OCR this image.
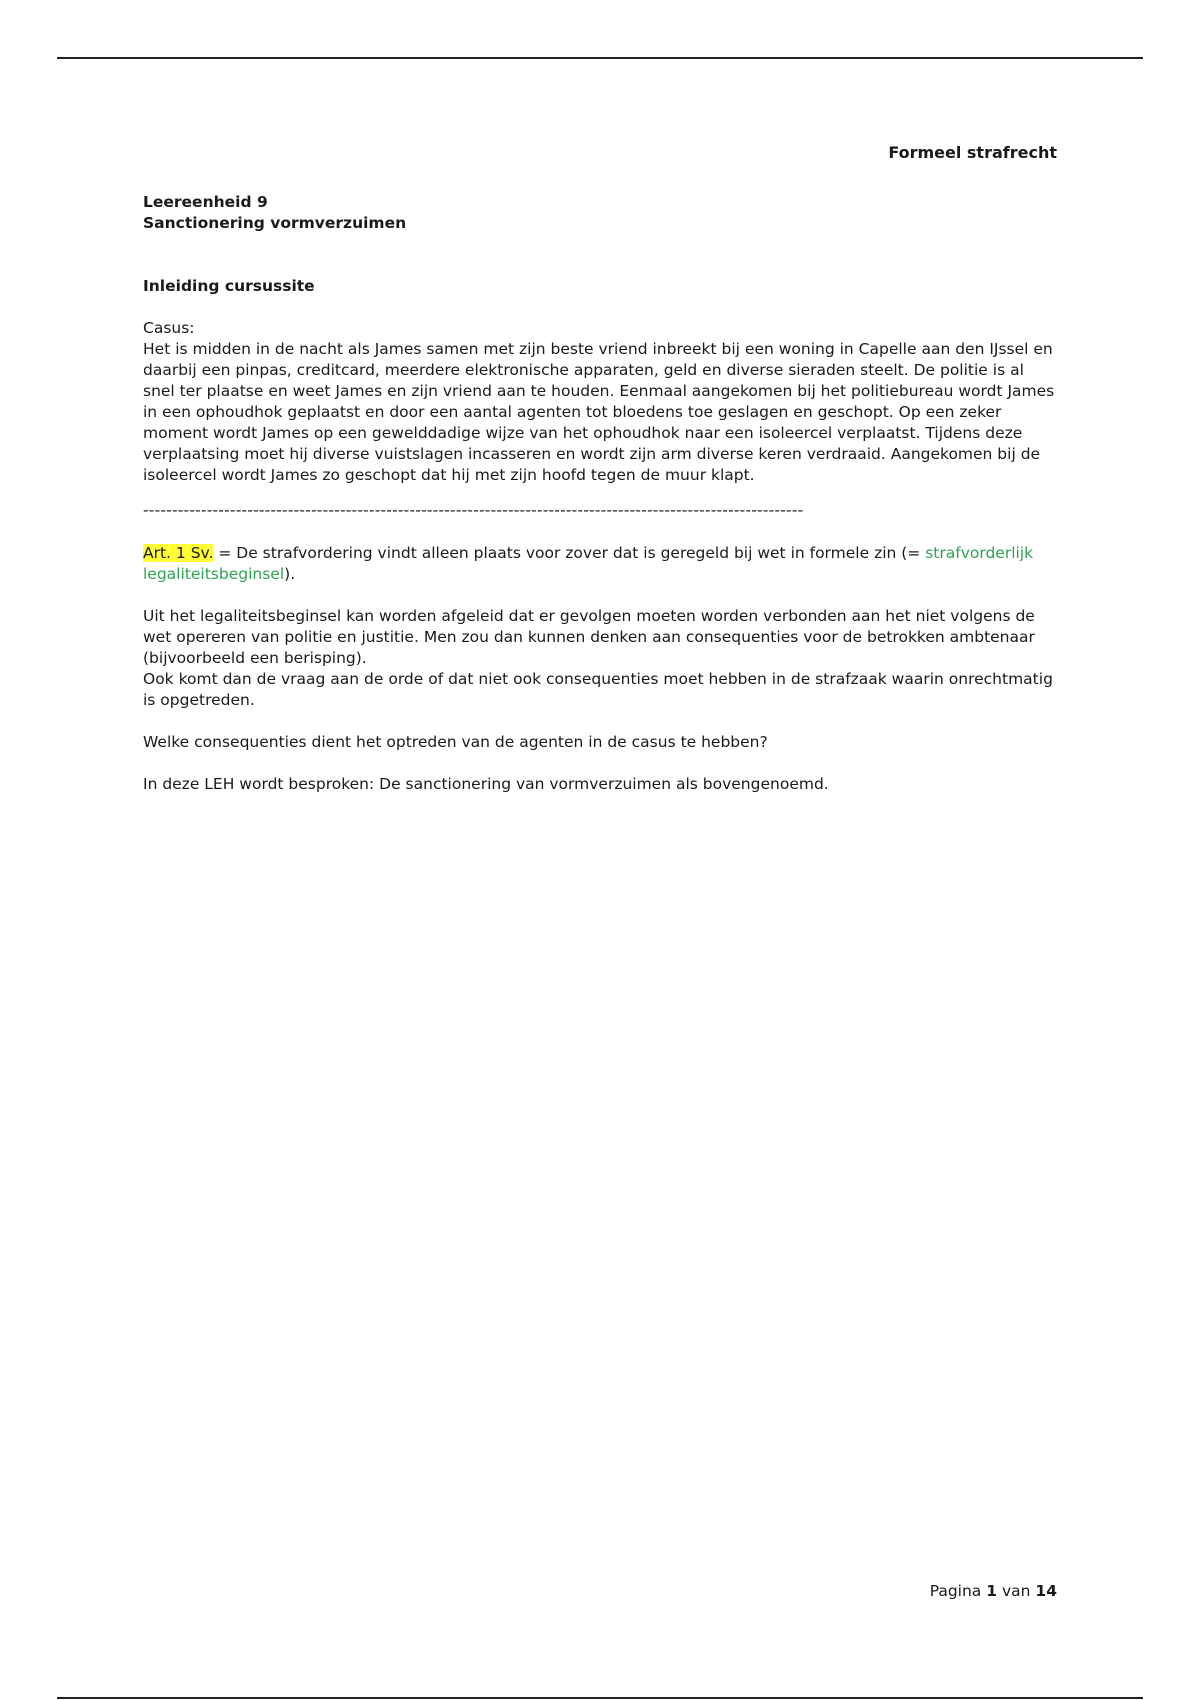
Formeel strafrecht
Leereenheid 9
Sanctionering vormverzuimen
Inleiding cursussite
Casus:
Het is midden in de nacht als James samen met zijn beste vriend inbreekt bij een woning in Capelle aan den IJssel en daarbij een pinpas, creditcard, meerdere elektronische apparaten, geld en diverse sieraden steelt. De politie is al snel ter plaatse en weet James en zijn vriend aan te houden. Eenmaal aangekomen bij het politiebureau wordt James in een ophoudhok geplaatst en door een aantal agenten tot bloedens toe geslagen en geschopt. Op een zeker moment wordt James op een gewelddadige wijze van het ophoudhok naar een isoleercel verplaatst. Tijdens deze verplaatsing moet hij diverse vuistslagen incasseren en wordt zijn arm diverse keren verdraaid. Aangekomen bij de isoleercel wordt James zo geschopt dat hij met zijn hoofd tegen de muur klapt.
------------------------------------------------------------------------------------------------------------------
Art. 1 Sv. = De strafvordering vindt alleen plaats voor zover dat is geregeld bij wet in formele zin (= strafvorderlijk legaliteitsbeginsel).
Uit het legaliteitsbeginsel kan worden afgeleid dat er gevolgen moeten worden verbonden aan het niet volgens de wet opereren van politie en justitie. Men zou dan kunnen denken aan consequenties voor de betrokken ambtenaar (bijvoorbeeld een berisping).
Ook komt dan de vraag aan de orde of dat niet ook consequenties moet hebben in de strafzaak waarin onrechtmatig is opgetreden.
Welke consequenties dient het optreden van de agenten in de casus te hebben?
In deze LEH wordt besproken: De sanctionering van vormverzuimen als bovengenoemd.
Pagina 1 van 14
